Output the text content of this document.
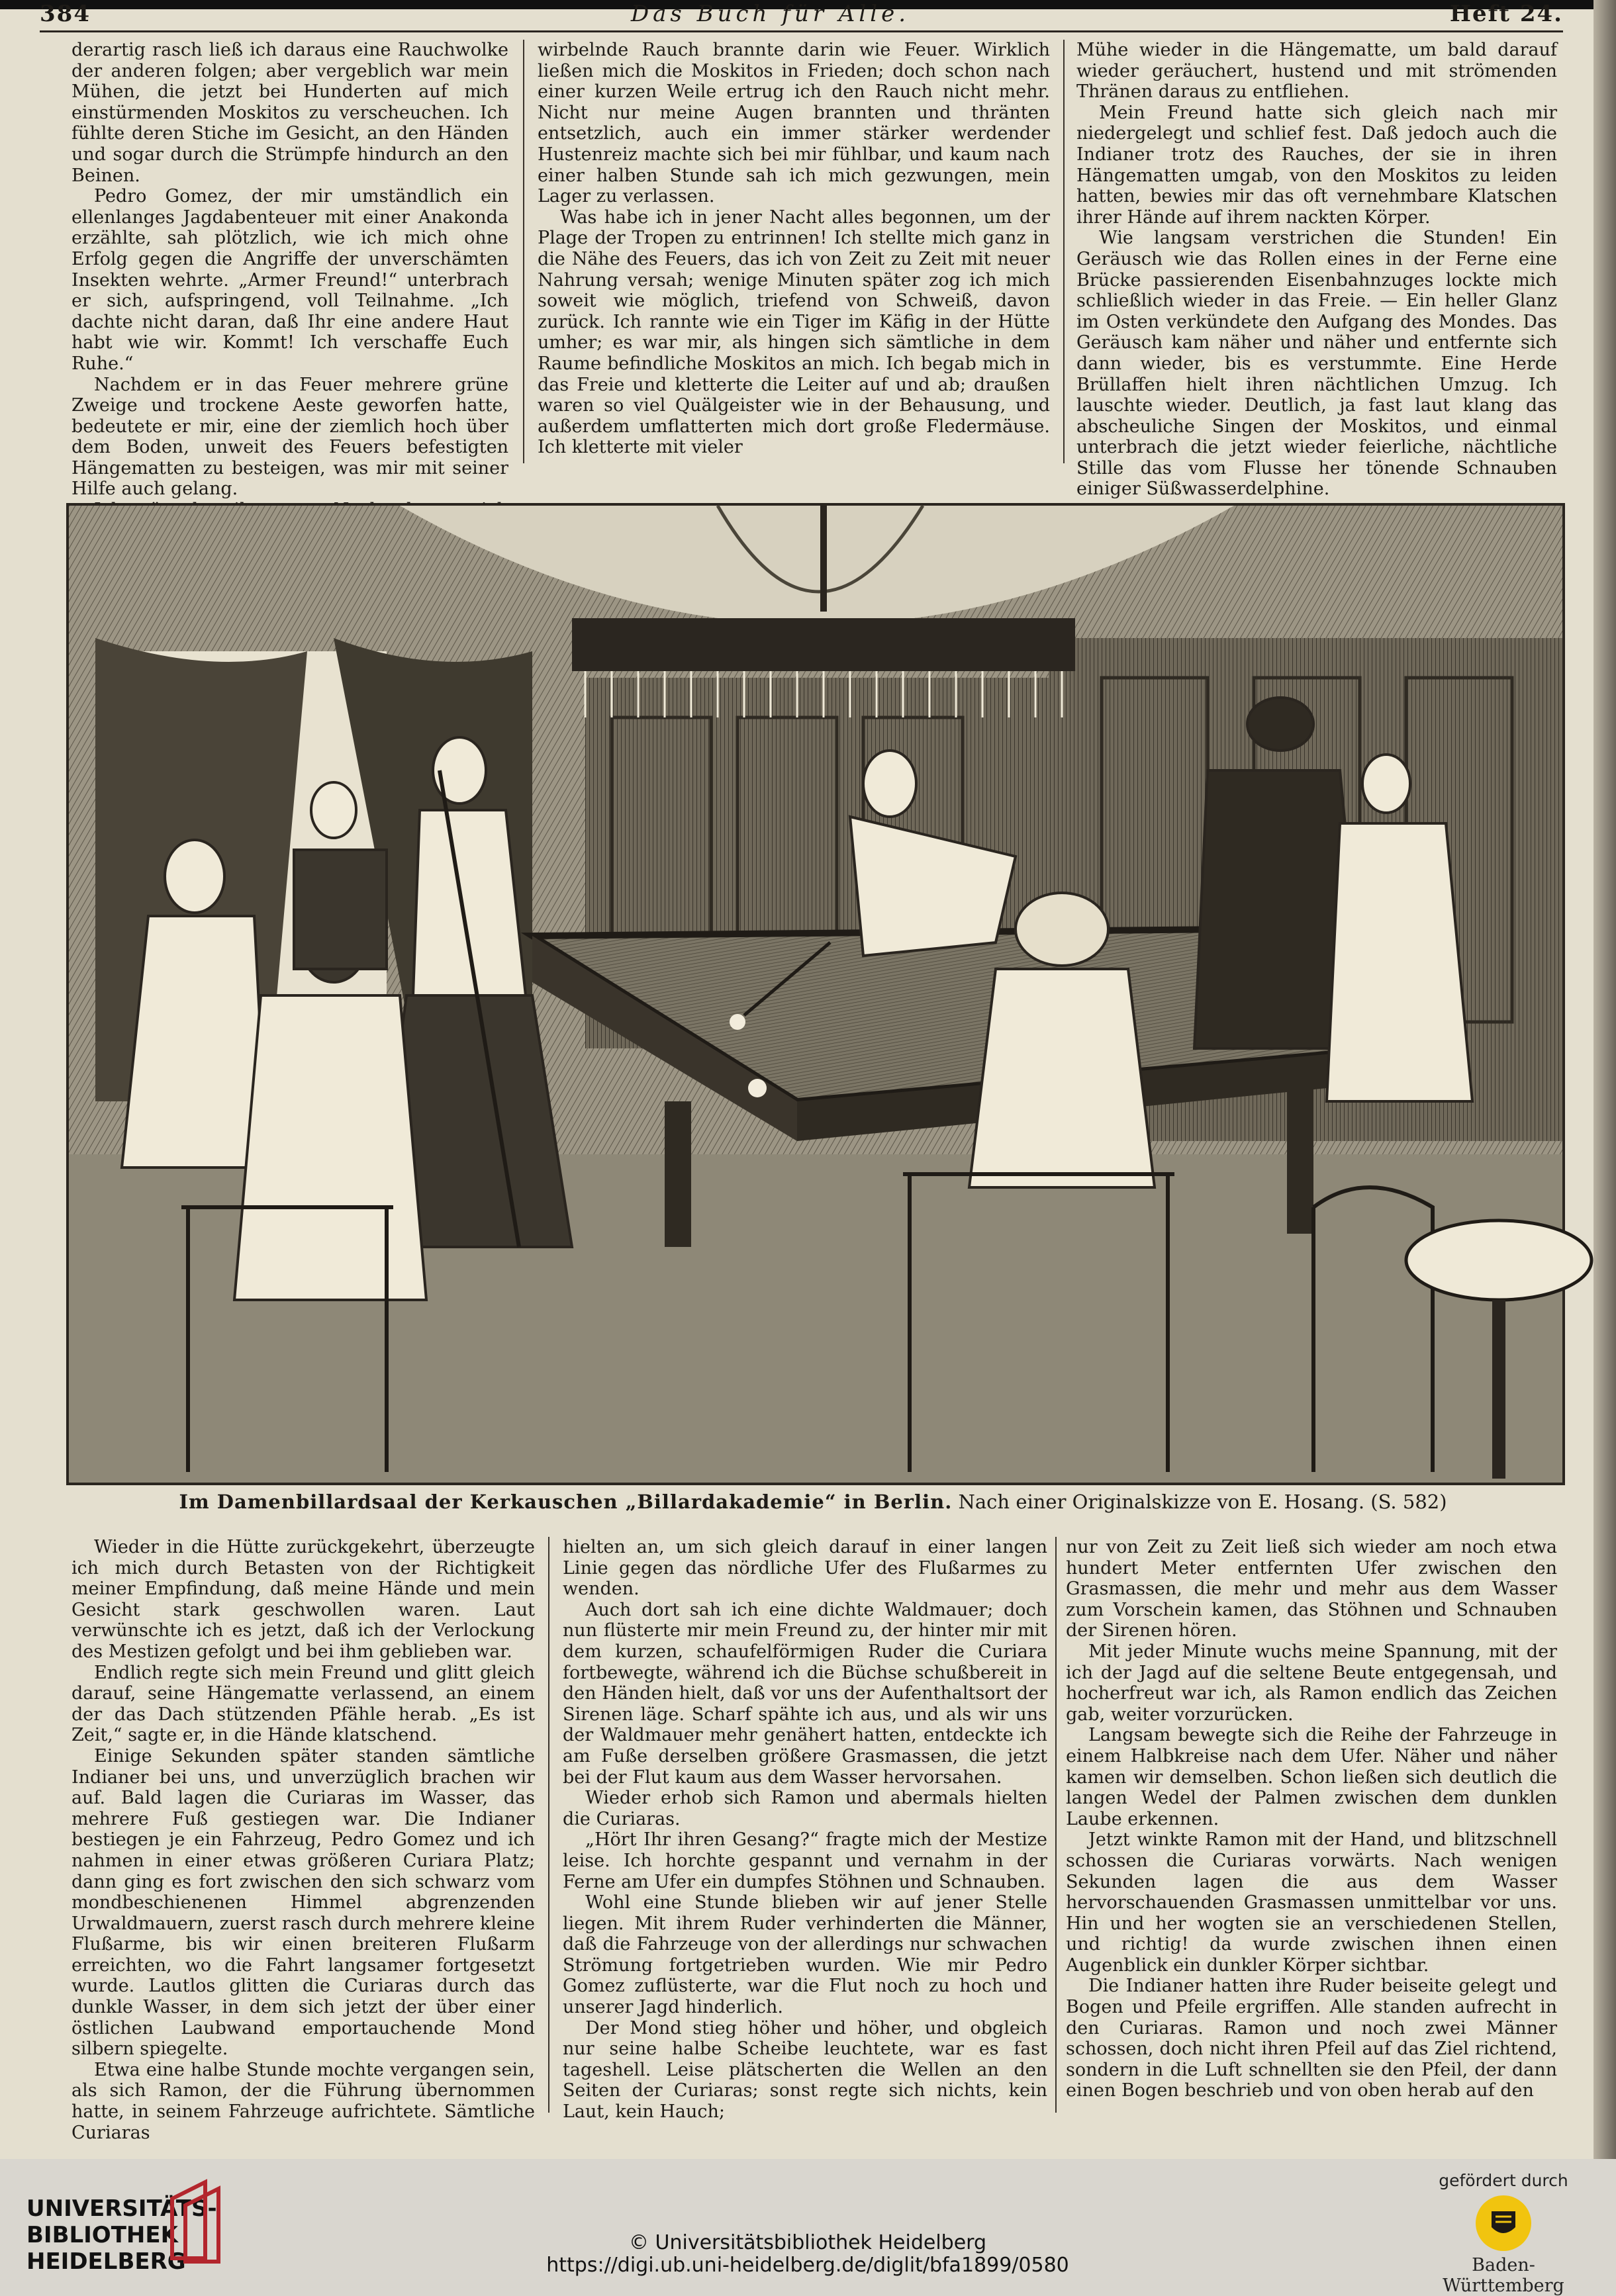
384	Das Buch für Alle.	Heft 24.

derartig rasch ließ ich daraus eine Rauchwolke der anderen folgen; aber vergeblich war mein Mühen, die jetzt bei Hunderten auf mich einstürmenden Moskitos zu verscheuchen. Ich fühlte deren Stiche im Gesicht, an den Händen und sogar durch die Strümpfe hindurch an den Beinen.

Pedro Gomez, der mir umständlich ein ellenlanges Jagdabenteuer mit einer Anakonda erzählte, sah plötzlich, wie ich mich ohne Erfolg gegen die Angriffe der unverschämten Insekten wehrte. „Armer Freund!“ unterbrach er sich, aufspringend, voll Teilnahme. „Ich dachte nicht daran, daß Ihr eine andere Haut habt wie wir. Kommt! Ich verschaffe Euch Ruhe.“

Nachdem er in das Feuer mehrere grüne Zweige und trockene Aeste geworfen hatte, bedeutete er mir, eine der ziemlich hoch über dem Boden, unweit des Feuers befestigten Hängematten zu besteigen, was mir mit seiner Hilfe auch gelang.

wirbelnde Rauch brannte darin wie Feuer. Wirklich ließen mich die Moskitos in Frieden; doch schon nach einer kurzen Weile ertrug ich den Rauch nicht mehr. Nicht nur meine Augen brannten und thränten entsetzlich, auch ein immer stärker werdender Hustenreiz machte sich bei mir fühlbar, und kaum nach einer halben Stunde sah ich mich gezwungen, mein Lager zu verlassen.

Was habe ich in jener Nacht alles begonnen, um der Plage der Tropen zu entrinnen! Ich stellte mich ganz in die Nähe des Feuers, das ich von Zeit zu Zeit mit neuer Nahrung versah; wenige Minuten später zog ich mich soweit wie möglich, triefend von Schweiß, davon zurück. Ich rannte wie ein Tiger im Käfig in der Hütte umher; es war mir, als hingen sich sämtliche in dem Raume befindliche Moskitos an mich. Ich begab mich in das Freie und kletterte die Leiter auf und ab; draußen waren so viel Quälgeister wie in der Behausung, und außerdem umflatterten mich dort große Fledermäuse. Ich kletterte mit vieler

Mühe wieder in die Hängematte, um bald darauf wieder geräuchert, hustend und mit strömenden Thränen daraus zu entfliehen.

Mein Freund hatte sich gleich nach mir niedergelegt und schlief fest. Daß jedoch auch die Indianer trotz des Rauches, der sie in ihren Hängematten umgab, von den Moskitos zu leiden hatten, bewies mir das oft vernehmbare Klatschen ihrer Hände auf ihrem nackten Körper.

Wie langsam verstrichen die Stunden! Ein Geräusch wie das Rollen eines in der Ferne eine Brücke passierenden Eisenbahnzuges lockte mich schließlich wieder in das Freie. — Ein heller Glanz im Osten verkündete den Aufgang des Mondes. Das Geräusch kam näher und näher und entfernte sich dann wieder, bis es verstummte. Eine Herde Brüllaffen hielt ihren nächtlichen Umzug. Ich lauschte wieder. Deutlich, ja fast laut klang das abscheuliche Singen der Moskitos, und einmal unterbrach die jetzt wieder feierliche, nächtliche Stille das vom Flusse her tönende Schnauben einiger Süßwasserdelphine.

Im Damenbillardsaal der Kerkauschen „Billardakademie“ in Berlin. Nach einer Originalskizze von E. Hosang. (S. 582)

Wieder in die Hütte zurückgekehrt, überzeugte ich mich durch Betasten von der Richtigkeit meiner Empfindung, daß meine Hände und mein Gesicht stark geschwollen waren. Laut verwünschte ich es jetzt, daß ich der Verlockung des Mestizen gefolgt und bei ihm geblieben war.

Endlich regte sich mein Freund und glitt gleich darauf, seine Hängematte verlassend, an einem der das Dach stützenden Pfähle herab. „Es ist Zeit,“ sagte er, in die Hände klatschend.

Einige Sekunden später standen sämtliche Indianer bei uns, und unverzüglich brachen wir auf. Bald lagen die Curiaras im Wasser, das mehrere Fuß gestiegen war. Die Indianer bestiegen je ein Fahrzeug, Pedro Gomez und ich nahmen in einer etwas größeren Curiara Platz; dann ging es fort zwischen den sich schwarz vom mondbeschienenen Himmel abgrenzenden Urwaldmauern, zuerst rasch durch mehrere kleine Flußarme, bis wir einen breiteren Flußarm erreichten, wo die Fahrt langsamer fortgesetzt wurde. Lautlos glitten die Curiaras durch das dunkle Wasser, in dem sich jetzt der über einer östlichen Laubwand emportauchende Mond silbern spiegelte.

Etwa eine halbe Stunde mochte vergangen sein, als sich Ramon, der die Führung übernommen hatte, in seinem Fahrzeuge aufrichtete. Sämtliche Curiaras

hielten an, um sich gleich darauf in einer langen Linie gegen das nördliche Ufer des Flußarmes zu wenden.

Auch dort sah ich eine dichte Waldmauer; doch nun flüsterte mir mein Freund zu, der hinter mir mit dem kurzen, schaufelförmigen Ruder die Curiara fortbewegte, während ich die Büchse schußbereit in den Händen hielt, daß vor uns der Aufenthaltsort der Sirenen läge. Scharf spähte ich aus, und als wir uns der Waldmauer mehr genähert hatten, entdeckte ich am Fuße derselben größere Grasmassen, die jetzt bei der Flut kaum aus dem Wasser hervorsahen.

Wieder erhob sich Ramon und abermals hielten die Curiaras.

„Hört Ihr ihren Gesang?“ fragte mich der Mestize leise. Ich horchte gespannt und vernahm in der Ferne am Ufer ein dumpfes Stöhnen und Schnauben.

Wohl eine Stunde blieben wir auf jener Stelle liegen. Mit ihrem Ruder verhinderten die Männer, daß die Fahrzeuge von der allerdings nur schwachen Strömung fortgetrieben wurden. Wie mir Pedro Gomez zuflüsterte, war die Flut noch zu hoch und unserer Jagd hinderlich.

Der Mond stieg höher und höher, und obgleich nur seine halbe Scheibe leuchtete, war es fast tageshell. Leise plätscherten die Wellen an den Seiten der Curiaras; sonst regte sich nichts, kein Laut, kein Hauch;

nur von Zeit zu Zeit ließ sich wieder am noch etwa hundert Meter entfernten Ufer zwischen den Grasmassen, die mehr und mehr aus dem Wasser zum Vorschein kamen, das Stöhnen und Schnauben der Sirenen hören.

Mit jeder Minute wuchs meine Spannung, mit der ich der Jagd auf die seltene Beute entgegensah, und hocherfreut war ich, als Ramon endlich das Zeichen gab, weiter vorzurücken.

Langsam bewegte sich die Reihe der Fahrzeuge in einem Halbkreise nach dem Ufer. Näher und näher kamen wir demselben. Schon ließen sich deutlich die langen Wedel der Palmen zwischen dem dunklen Laube erkennen.

Jetzt winkte Ramon mit der Hand, und blitzschnell schossen die Curiaras vorwärts. Nach wenigen Sekunden lagen die aus dem Wasser hervorschauenden Grasmassen unmittelbar vor uns. Hin und her wogten sie an verschiedenen Stellen, und richtig! da wurde zwischen ihnen einen Augenblick ein dunkler Körper sichtbar.

Die Indianer hatten ihre Ruder beiseite gelegt und Bogen und Pfeile ergriffen. Alle standen aufrecht in den Curiaras. Ramon und noch zwei Männer schossen, doch nicht ihren Pfeil auf das Ziel richtend, sondern in die Luft schnellten sie den Pfeil, der dann einen Bogen beschrieb und von oben herab auf den

UNIVERSITÄTS-
BIBLIOTHEK
HEIDELBERG
© Universitätsbibliothek Heidelberg
https://digi.ub.uni-heidelberg.de/diglit/bfa1899/0580
gefördert durch
Baden-Württemberg
